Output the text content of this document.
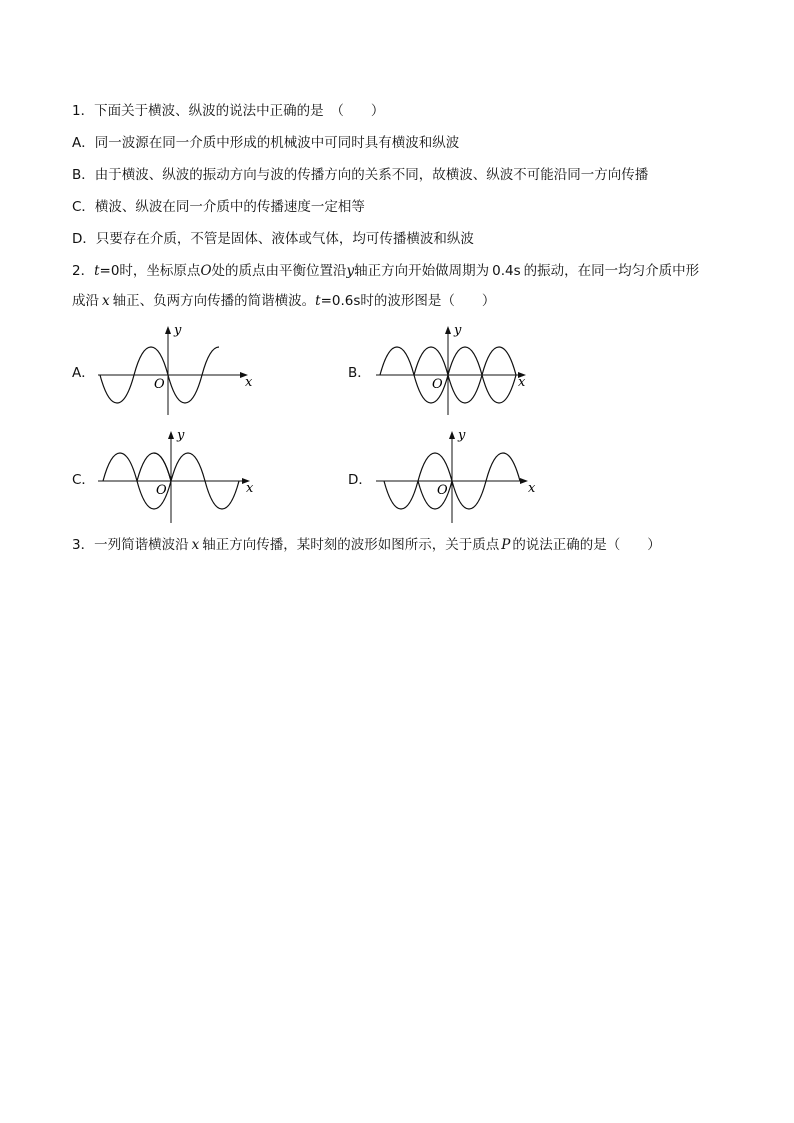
1．下面关于横波、纵波的说法中正确的是　（　　）
A．同一波源在同一介质中形成的机械波中可同时具有横波和纵波
B．由于横波、纵波的振动方向与波的传播方向的关系不同，故横波、纵波不可能沿同一方向传播
C．横波、纵波在同一介质中的传播速度一定相等
D．只要存在介质，不管是固体、液体或气体，均可传播横波和纵波
2．t=0时，坐标原点O处的质点由平衡位置沿y轴正方向开始做周期为 0.4s 的振动，在同一均匀介质中形
成沿 x 轴正、负两方向传播的简谐横波。t=0.6s时的波形图是（　　）
A．	B．
C．	D．
x
y
O	x
y
O
x
y
O	x
y
O
3．一列简谐横波沿 x 轴正方向传播，某时刻的波形如图所示，关于质点 P 的说法正确的是（　　）
